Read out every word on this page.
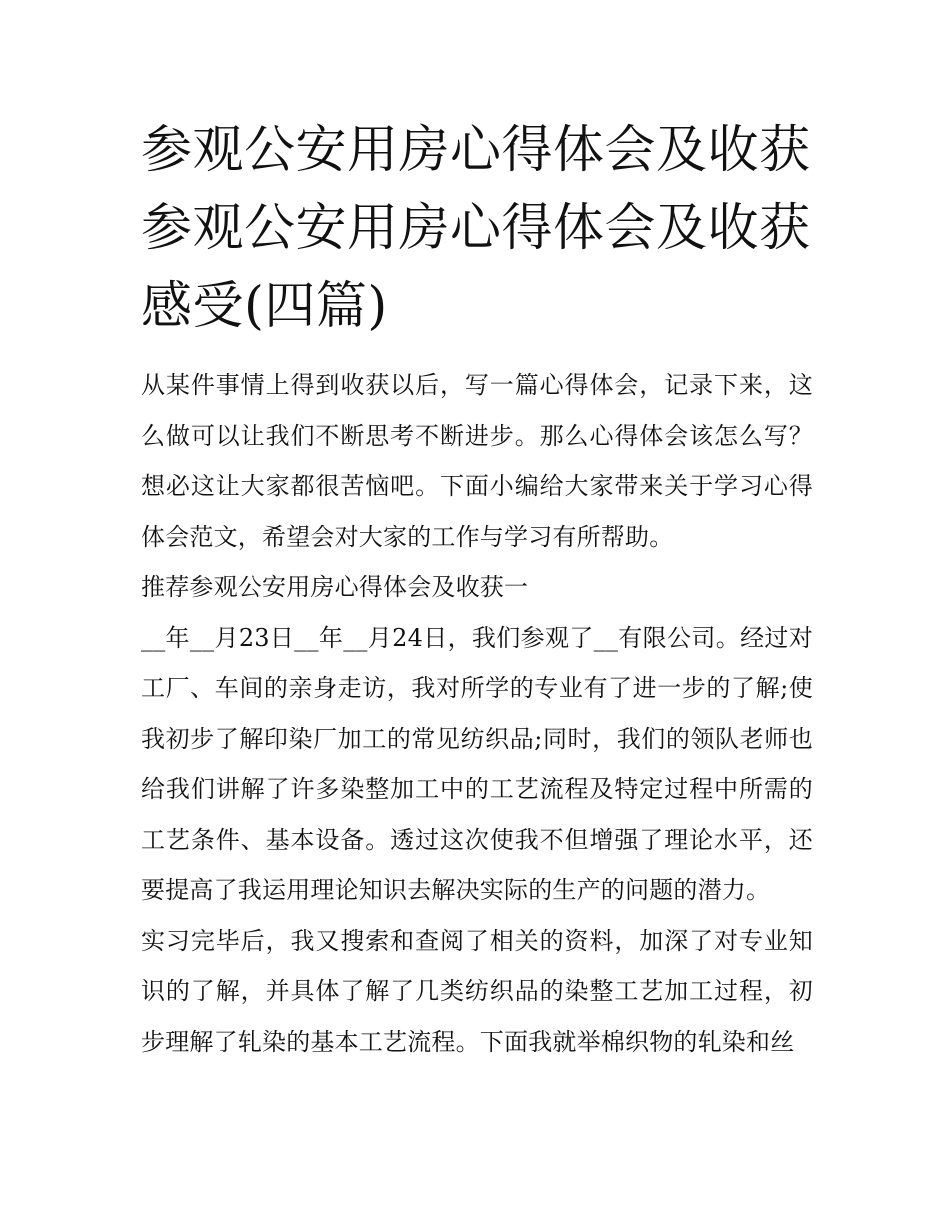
参观公安用房心得体会及收获参观公安用房心得体会及收获感受(四篇)

从某件事情上得到收获以后，写一篇心得体会，记录下来，这么做可以让我们不断思考不断进步。那么心得体会该怎么写？想必这让大家都很苦恼吧。下面小编给大家带来关于学习心得体会范文，希望会对大家的工作与学习有所帮助。

推荐参观公安用房心得体会及收获一

__年__月23日__年__月24日，我们参观了__有限公司。经过对工厂、车间的亲身走访，我对所学的专业有了进一步的了解;使我初步了解印染厂加工的常见纺织品;同时，我们的领队老师也给我们讲解了许多染整加工中的工艺流程及特定过程中所需的工艺条件、基本设备。透过这次使我不但增强了理论水平，还要提高了我运用理论知识去解决实际的生产的问题的潜力。

实习完毕后，我又搜索和查阅了相关的资料，加深了对专业知识的了解，并具体了解了几类纺织品的染整工艺加工过程，初步理解了轧染的基本工艺流程。下面我就举棉织物的轧染和丝
